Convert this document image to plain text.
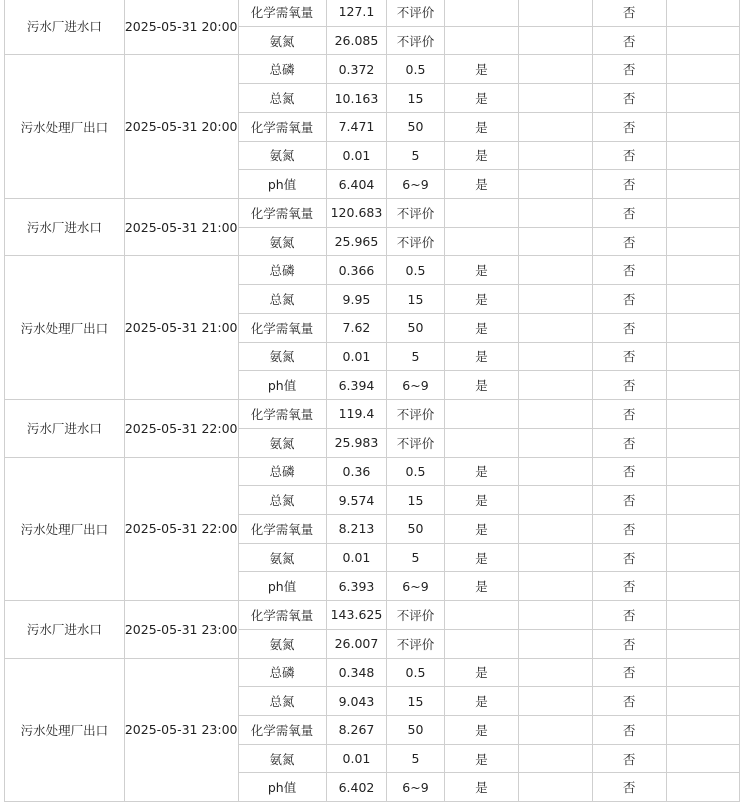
污水厂进水口	2025-05-31 20:00	化学需氧量	127.1	不评价			否	
		氨氮	26.085	不评价			否	
污水处理厂出口	2025-05-31 20:00	总磷	0.372	0.5	是		否	
		总氮	10.163	15	是		否	
		化学需氧量	7.471	50	是		否	
		氨氮	0.01	5	是		否	
		ph值	6.404	6~9	是		否	
污水厂进水口	2025-05-31 21:00	化学需氧量	120.683	不评价			否	
		氨氮	25.965	不评价			否	
污水处理厂出口	2025-05-31 21:00	总磷	0.366	0.5	是		否	
		总氮	9.95	15	是		否	
		化学需氧量	7.62	50	是		否	
		氨氮	0.01	5	是		否	
		ph值	6.394	6~9	是		否	
污水厂进水口	2025-05-31 22:00	化学需氧量	119.4	不评价			否	
		氨氮	25.983	不评价			否	
污水处理厂出口	2025-05-31 22:00	总磷	0.36	0.5	是		否	
		总氮	9.574	15	是		否	
		化学需氧量	8.213	50	是		否	
		氨氮	0.01	5	是		否	
		ph值	6.393	6~9	是		否	
污水厂进水口	2025-05-31 23:00	化学需氧量	143.625	不评价			否	
		氨氮	26.007	不评价			否	
污水处理厂出口	2025-05-31 23:00	总磷	0.348	0.5	是		否	
		总氮	9.043	15	是		否	
		化学需氧量	8.267	50	是		否	
		氨氮	0.01	5	是		否	
		ph值	6.402	6~9	是		否	
